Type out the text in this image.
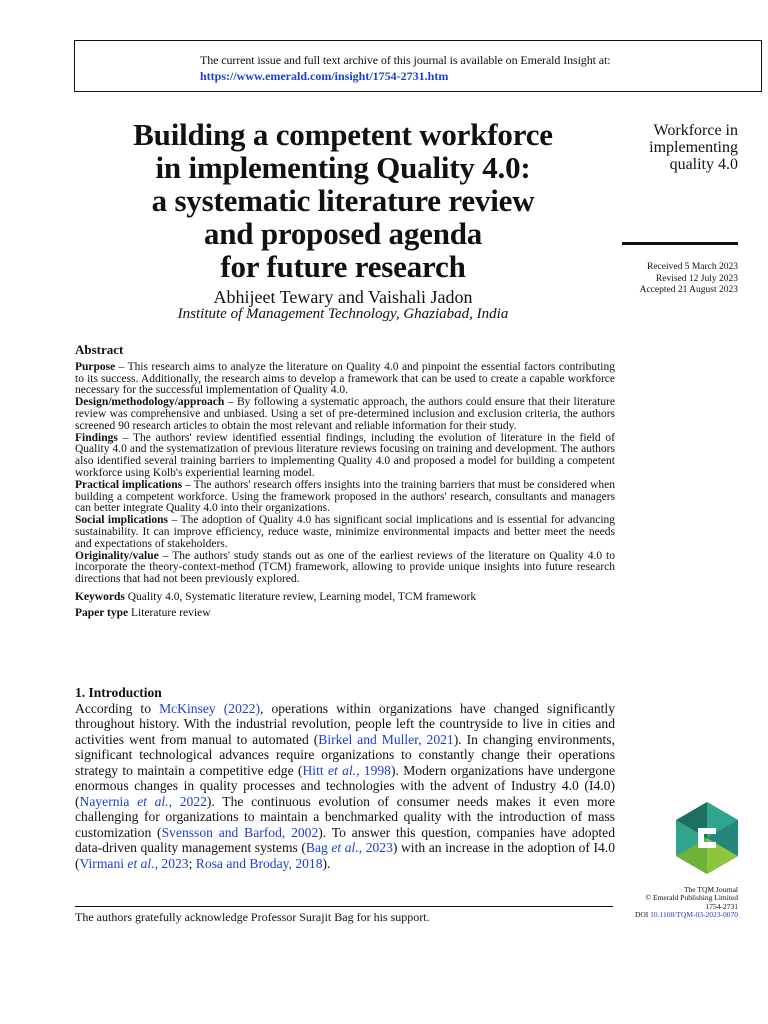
The current issue and full text archive of this journal is available on Emerald Insight at:
https://www.emerald.com/insight/1754-2731.htm
Building a competent workforce
in implementing Quality 4.0:
a systematic literature review
and proposed agenda
for future research
Abhijeet Tewary and Vaishali Jadon
Institute of Management Technology, Ghaziabad, India
Workforce in
implementing
quality 4.0
Received 5 March 2023
Revised 12 July 2023
Accepted 21 August 2023
Abstract

Purpose – This research aims to analyze the literature on Quality 4.0 and pinpoint the essential factors contributing to its success. Additionally, the research aims to develop a framework that can be used to create a capable workforce necessary for the successful implementation of Quality 4.0.

Design/methodology/approach – By following a systematic approach, the authors could ensure that their literature review was comprehensive and unbiased. Using a set of pre-determined inclusion and exclusion criteria, the authors screened 90 research articles to obtain the most relevant and reliable information for their study.

Findings – The authors' review identified essential findings, including the evolution of literature in the field of Quality 4.0 and the systematization of previous literature reviews focusing on training and development. The authors also identified several training barriers to implementing Quality 4.0 and proposed a model for building a competent workforce using Kolb's experiential learning model.

Practical implications – The authors' research offers insights into the training barriers that must be considered when building a competent workforce. Using the framework proposed in the authors' research, consultants and managers can better integrate Quality 4.0 into their organizations.

Social implications – The adoption of Quality 4.0 has significant social implications and is essential for advancing sustainability. It can improve efficiency, reduce waste, minimize environmental impacts and better meet the needs and expectations of stakeholders.

Originality/value – The authors' study stands out as one of the earliest reviews of the literature on Quality 4.0 to incorporate the theory-context-method (TCM) framework, allowing to provide unique insights into future research directions that had not been previously explored.

Keywords Quality 4.0, Systematic literature review, Learning model, TCM framework
Paper type Literature review
1. Introduction

According to McKinsey (2022), operations within organizations have changed significantly throughout history. With the industrial revolution, people left the countryside to live in cities and activities went from manual to automated (Birkel and Muller, 2021). In changing environments, significant technological advances require organizations to constantly change their operations strategy to maintain a competitive edge (Hitt et al., 1998). Modern organizations have undergone enormous changes in quality processes and technologies with the advent of Industry 4.0 (I4.0) (Nayernia et al., 2022). The continuous evolution of consumer needs makes it even more challenging for organizations to maintain a benchmarked quality with the introduction of mass customization (Svensson and Barfod, 2002). To answer this question, companies have adopted data-driven quality management systems (Bag et al., 2023) with an increase in the adoption of I4.0 (Virmani et al., 2023; Rosa and Broday, 2018).

The authors gratefully acknowledge Professor Surajit Bag for his support.
The TQM Journal
© Emerald Publishing Limited
1754-2731
DOI 10.1108/TQM-03-2023-0070
